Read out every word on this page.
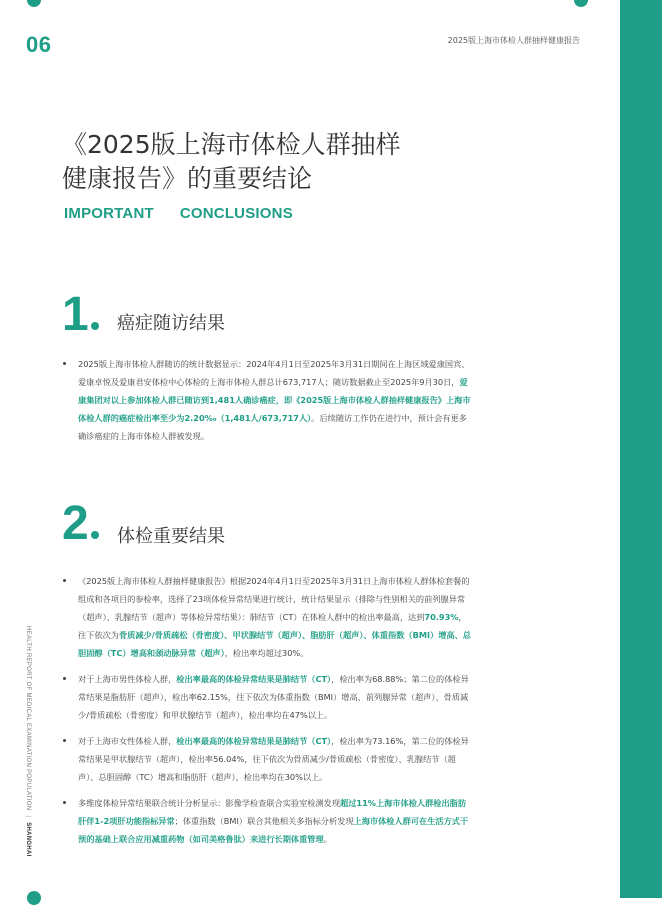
06	2025版上海市体检人群抽样健康报告
《2025版上海市体检人群抽样
健康报告》的重要结论
IMPORTANT CONCLUSIONS
1	癌症随访结果
2025版上海市体检人群随访的统计数据显示：2024年4月1日至2025年3月31日期间在上海区域爱康国宾、爱康卓悦及爱康君安体检中心体检的上海市体检人群总计673,717人；随访数据截止至2025年9月30日，爱康集团对以上参加体检人群已随访到1,481人确诊癌症，即《2025版上海市体检人群抽样健康报告》上海市体检人群的癌症检出率至少为2.20‰（1,481人/673,717人）。后续随访工作仍在进行中，预计会有更多确诊癌症的上海市体检人群被发现。
2	体检重要结果
《2025版上海市体检人群抽样健康报告》根据2024年4月1日至2025年3月31日上海市体检人群体检套餐的组成和各项目的参检率，选择了23项体检异常结果进行统计，统计结果显示（排除与性别相关的前列腺异常（超声）、乳腺结节（超声）等体检异常结果）：肺结节（CT）在体检人群中的检出率最高，达到70.93%，往下依次为骨质减少/骨质疏松（骨密度）、甲状腺结节（超声）、脂肪肝（超声）、体重指数（BMI）增高、总胆固醇（TC）增高和颈动脉异常（超声），检出率均超过30%。
对于上海市男性体检人群，检出率最高的体检异常结果是肺结节（CT），检出率为68.88%；第二位的体检异常结果是脂肪肝（超声），检出率62.15%，往下依次为体重指数（BMI）增高、前列腺异常（超声）、骨质减少/骨质疏松（骨密度）和甲状腺结节（超声），检出率均在47%以上。
对于上海市女性体检人群，检出率最高的体检异常结果是肺结节（CT），检出率为73.16%，第二位的体检异常结果是甲状腺结节（超声），检出率56.04%，往下依次为骨质减少/骨质疏松（骨密度）、乳腺结节（超声）、总胆固醇（TC）增高和脂肪肝（超声），检出率均在30%以上。
多维度体检异常结果联合统计分析显示：影像学检查联合实验室检测发现超过11%上海市体检人群检出脂肪肝伴1-2项肝功能指标异常；体重指数（BMI）联合其他相关多指标分析发现上海市体检人群可在生活方式干预的基础上联合应用减重药物（如司美格鲁肽）来进行长期体重管理。
HEALTH REPORT OF MEDICAL EXAMINATION POPULATION|SHANGHAI
